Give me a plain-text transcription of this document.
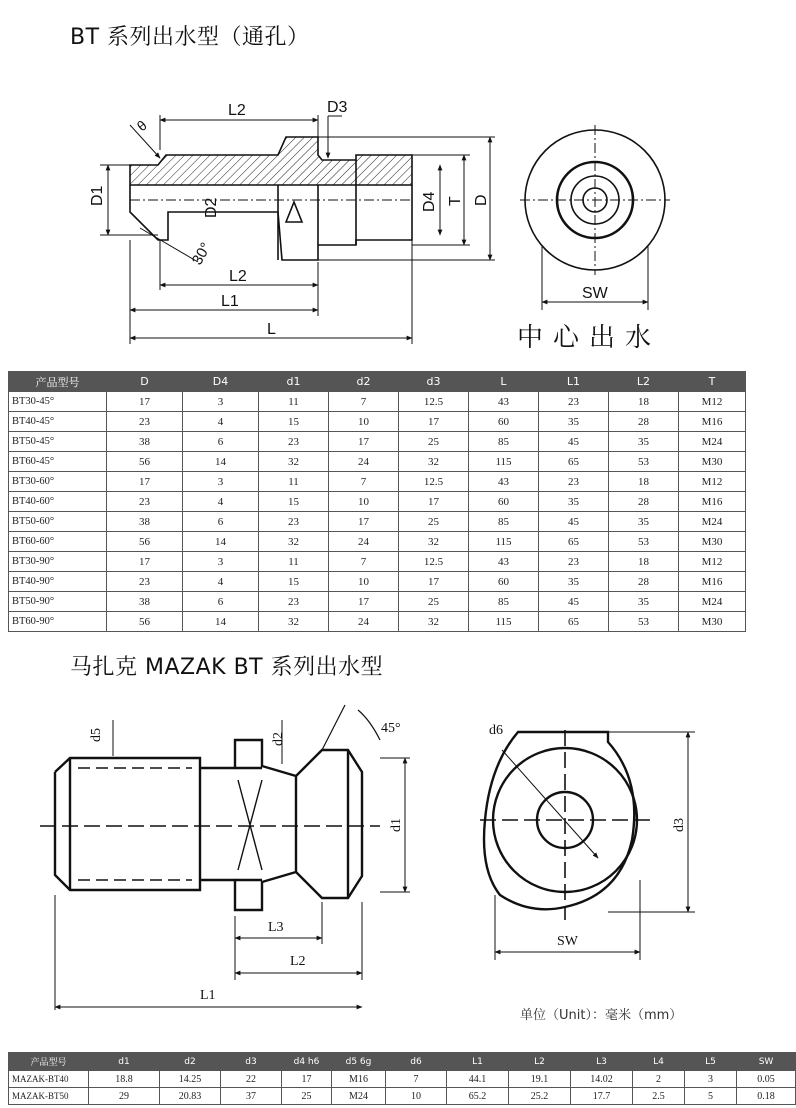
BT 系列出水型（通孔）
L2	D3
θ
D1
D2	D4 T D
30°
L2
L1
L
SW
中心出水
产品型号	D	D4	d1	d2	d3	L	L1	L2	T
BT30-45°	17	3	11	7	12.5	43	23	18	M12
BT40-45°	23	4	15	10	17	60	35	28	M16
BT50-45°	38	6	23	17	25	85	45	35	M24
BT60-45°	56	14	32	24	32	115	65	53	M30
BT30-60°	17	3	11	7	12.5	43	23	18	M12
BT40-60°	23	4	15	10	17	60	35	28	M16
BT50-60°	38	6	23	17	25	85	45	35	M24
BT60-60°	56	14	32	24	32	115	65	53	M30
BT30-90°	17	3	11	7	12.5	43	23	18	M12
BT40-90°	23	4	15	10	17	60	35	28	M16
BT50-90°	38	6	23	17	25	85	45	35	M24
BT60-90°	56	14	32	24	32	115	65	53	M30
马扎克 MAZAK BT 系列出水型
d5	d2
45°
d1
L3
L2
L1
d6
d3
SW
单位（Unit）：毫米（mm）
产品型号	d1	d2	d3	d4 h6	d5 6g	d6	L1	L2	L3	L4	L5	SW
MAZAK-BT40	18.8	14.25	22	17	M16	7	44.1	19.1	14.02	2	3	0.05
MAZAK-BT50	29	20.83	37	25	M24	10	65.2	25.2	17.7	2.5	5	0.18
